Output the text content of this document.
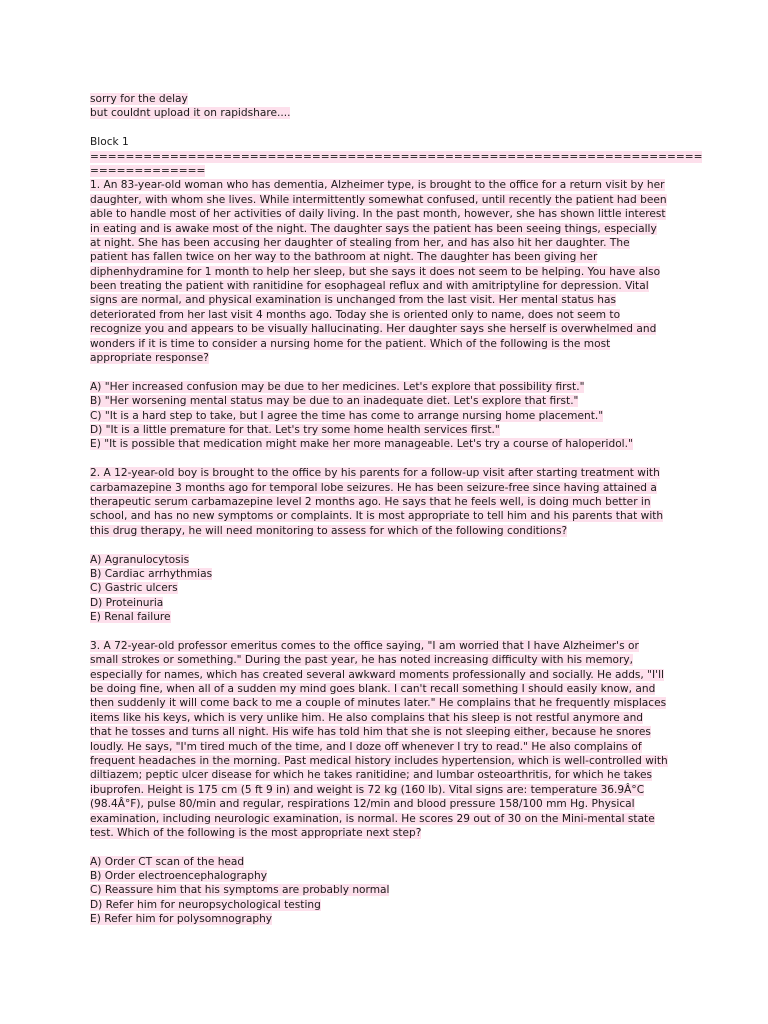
sorry for the delay
but couldnt upload it on rapidshare....
Block 1
=====================================================================
=============
1. An 83-year-old woman who has dementia, Alzheimer type, is brought to the office for a return visit by her
daughter, with whom she lives. While intermittently somewhat confused, until recently the patient had been
able to handle most of her activities of daily living. In the past month, however, she has shown little interest
in eating and is awake most of the night. The daughter says the patient has been seeing things, especially
at night. She has been accusing her daughter of stealing from her, and has also hit her daughter. The
patient has fallen twice on her way to the bathroom at night. The daughter has been giving her
diphenhydramine for 1 month to help her sleep, but she says it does not seem to be helping. You have also
been treating the patient with ranitidine for esophageal reflux and with amitriptyline for depression. Vital
signs are normal, and physical examination is unchanged from the last visit. Her mental status has
deteriorated from her last visit 4 months ago. Today she is oriented only to name, does not seem to
recognize you and appears to be visually hallucinating. Her daughter says she herself is overwhelmed and
wonders if it is time to consider a nursing home for the patient. Which of the following is the most
appropriate response?
A) "Her increased confusion may be due to her medicines. Let's explore that possibility first."
B) "Her worsening mental status may be due to an inadequate diet. Let's explore that first."
C) "It is a hard step to take, but I agree the time has come to arrange nursing home placement."
D) "It is a little premature for that. Let's try some home health services first."
E) "It is possible that medication might make her more manageable. Let's try a course of haloperidol."
2. A 12-year-old boy is brought to the office by his parents for a follow-up visit after starting treatment with
carbamazepine 3 months ago for temporal lobe seizures. He has been seizure-free since having attained a
therapeutic serum carbamazepine level 2 months ago. He says that he feels well, is doing much better in
school, and has no new symptoms or complaints. It is most appropriate to tell him and his parents that with
this drug therapy, he will need monitoring to assess for which of the following conditions?
A) Agranulocytosis
B) Cardiac arrhythmias
C) Gastric ulcers
D) Proteinuria
E) Renal failure
3. A 72-year-old professor emeritus comes to the office saying, "I am worried that I have Alzheimer's or
small strokes or something." During the past year, he has noted increasing difficulty with his memory,
especially for names, which has created several awkward moments professionally and socially. He adds, "I'll
be doing fine, when all of a sudden my mind goes blank. I can't recall something I should easily know, and
then suddenly it will come back to me a couple of minutes later." He complains that he frequently misplaces
items like his keys, which is very unlike him. He also complains that his sleep is not restful anymore and
that he tosses and turns all night. His wife has told him that she is not sleeping either, because he snores
loudly. He says, "I'm tired much of the time, and I doze off whenever I try to read." He also complains of
frequent headaches in the morning. Past medical history includes hypertension, which is well-controlled with
diltiazem; peptic ulcer disease for which he takes ranitidine; and lumbar osteoarthritis, for which he takes
ibuprofen. Height is 175 cm (5 ft 9 in) and weight is 72 kg (160 lb). Vital signs are: temperature 36.9Â°C
(98.4Â°F), pulse 80/min and regular, respirations 12/min and blood pressure 158/100 mm Hg. Physical
examination, including neurologic examination, is normal. He scores 29 out of 30 on the Mini-mental state
test. Which of the following is the most appropriate next step?
A) Order CT scan of the head
B) Order electroencephalography
C) Reassure him that his symptoms are probably normal
D) Refer him for neuropsychological testing
E) Refer him for polysomnography
